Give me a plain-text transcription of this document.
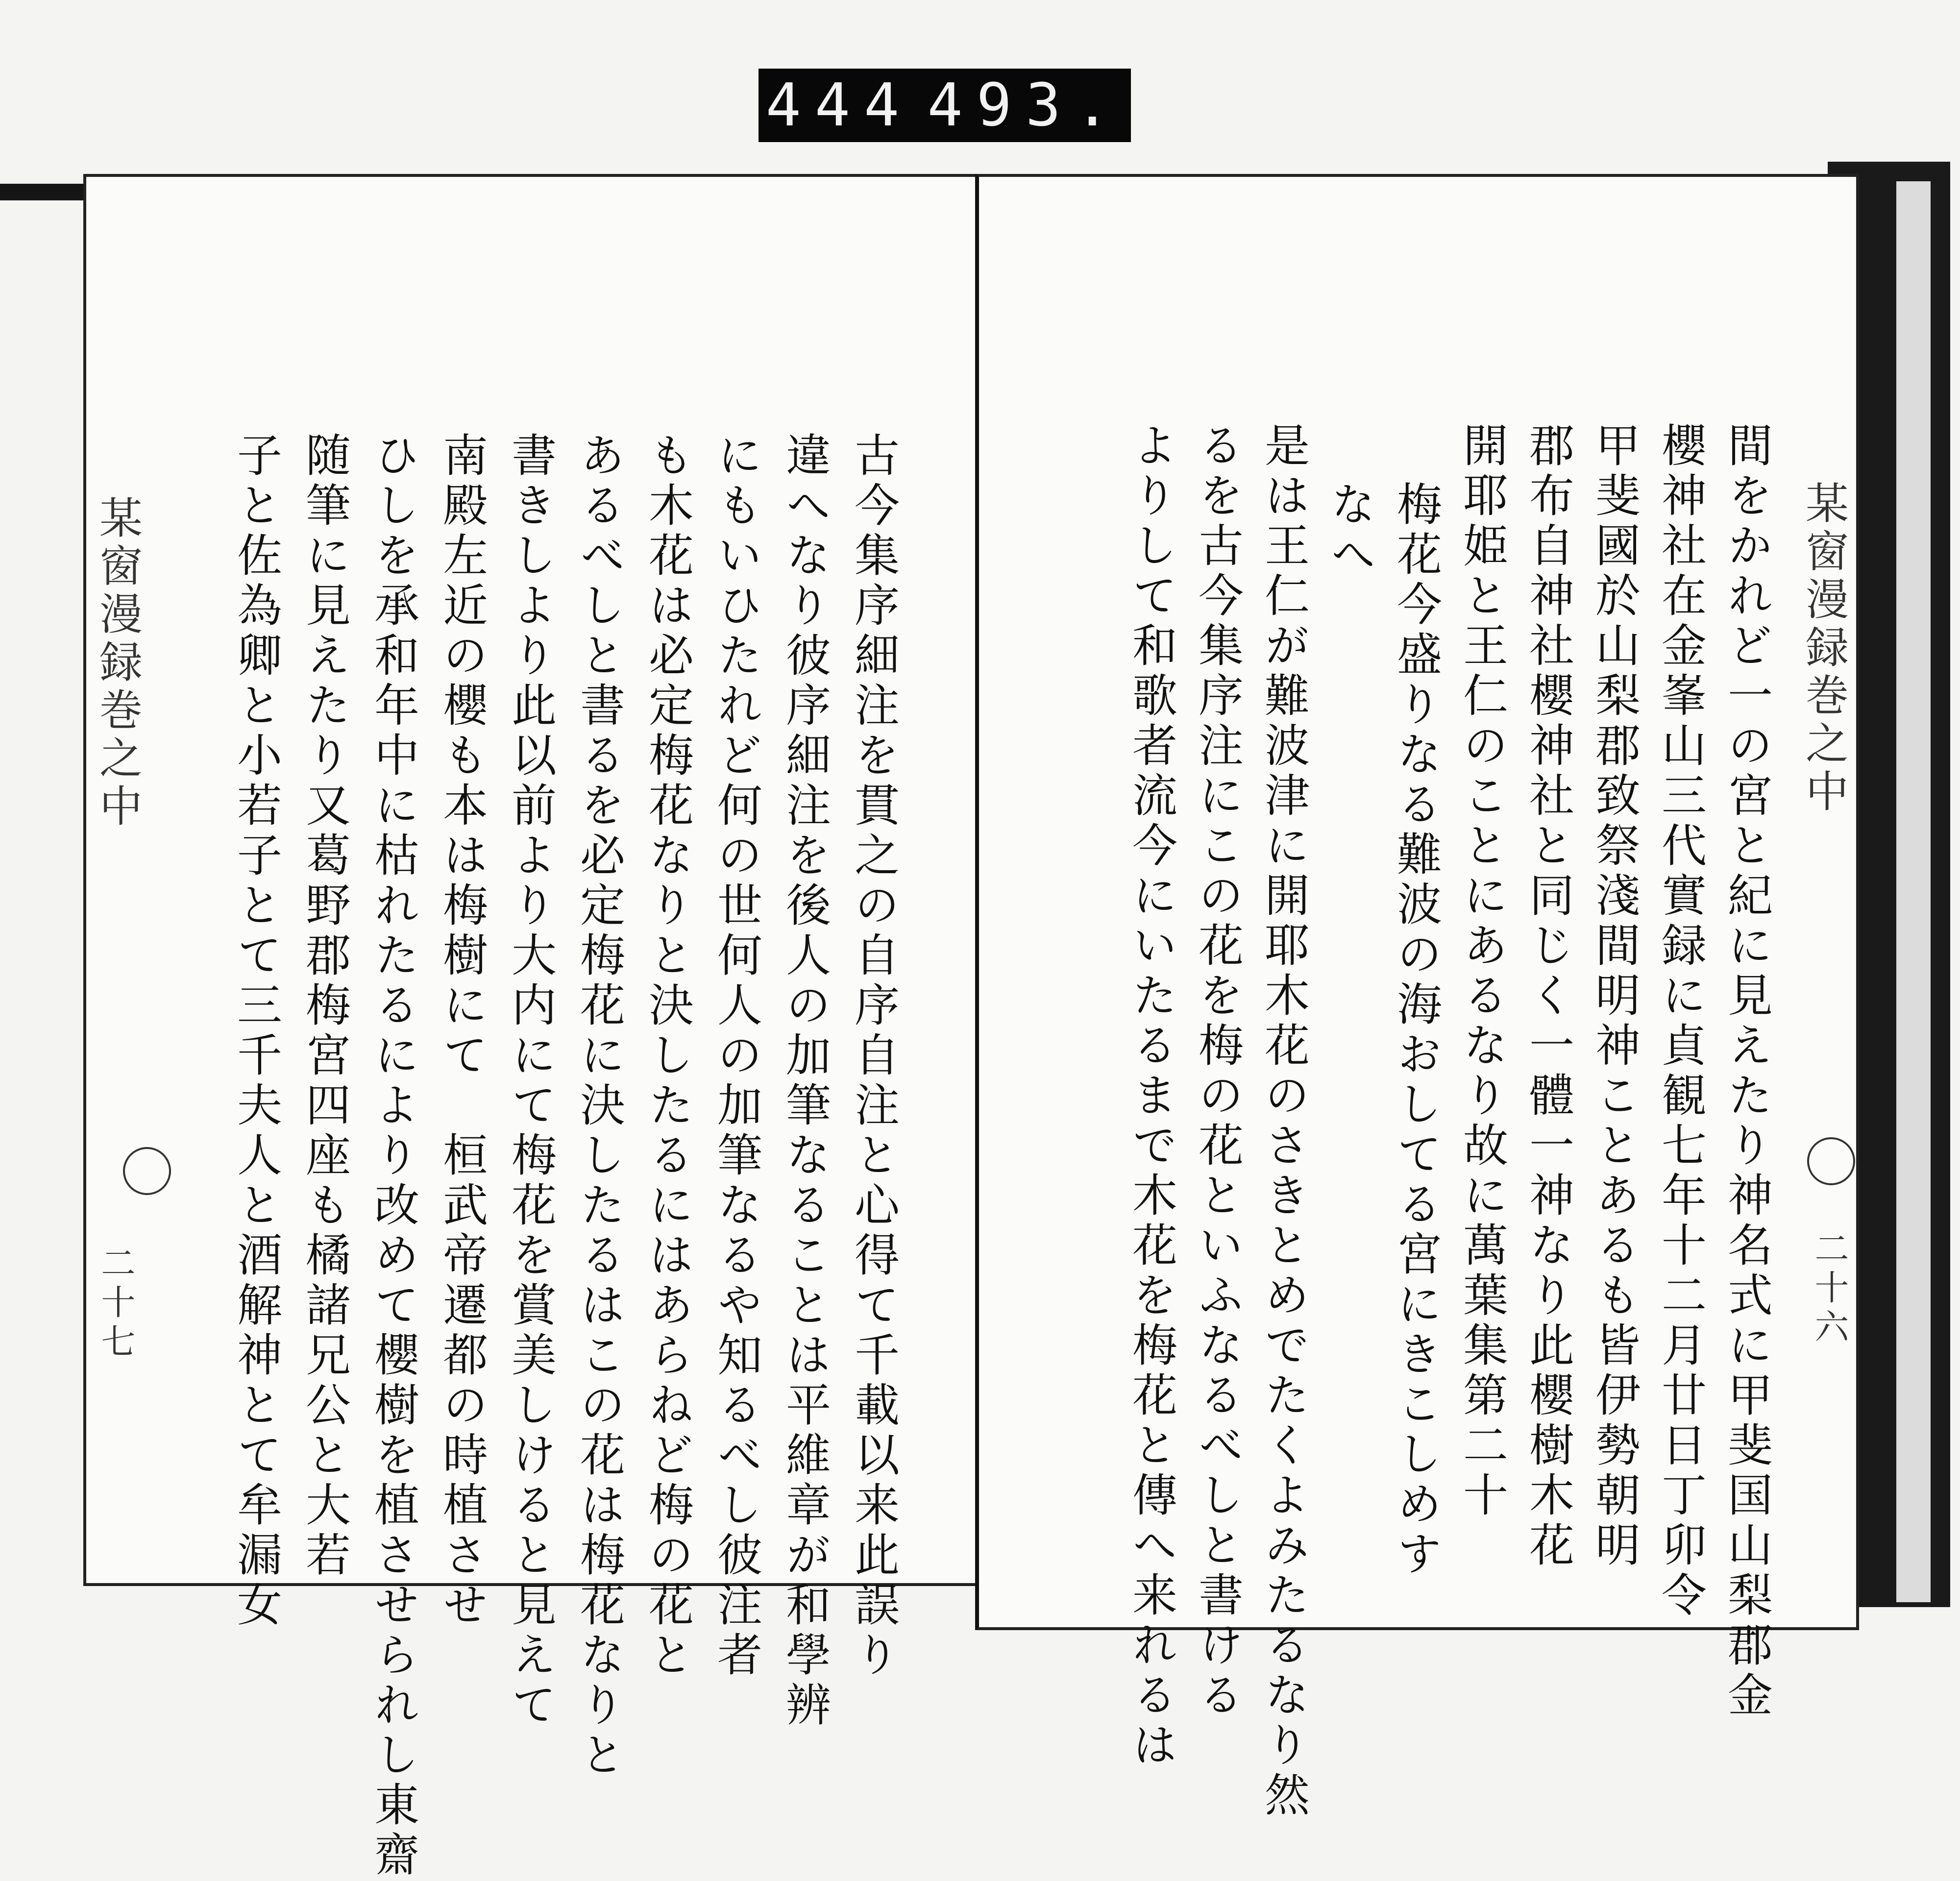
444 493.
某窗漫録巻之中
二十七	古今集序細注を貫之の自序自注と心得て千載以来此誤り
違へなり彼序細注を後人の加筆なることは平維章が和學辨
にもいひたれど何の世何人の加筆なるや知るべし彼注者
も木花は必定梅花なりと決したるにはあらねど梅の花と
あるべしと書るを必定梅花に決したるはこの花は梅花なりと
書きしより此以前より大内にて梅花を賞美しけると見えて
南殿左近の櫻も本は梅樹にて　桓武帝遷都の時植させ
ひしを承和年中に枯れたるにより改めて櫻樹を植させられし東齋
随筆に見えたり又葛野郡梅宮四座も橘諸兄公と大若
子と佐為卿と小若子とて三千夫人と酒解神とて牟漏女	某窗漫録巻之中
二十六
間をかれど一の宮と紀に見えたり神名式に甲斐国山梨郡金
櫻神社在金峯山三代實録に貞観七年十二月廿日丁卯令
甲斐國於山梨郡致祭淺間明神ことあるも皆伊勢朝明
郡布自神社櫻神社と同じく一體一神なり此櫻樹木花
開耶姫と王仁のことにあるなり故に萬葉集第二十
梅花今盛りなる難波の海おしてる宮にきこしめす
なへ
是は王仁が難波津に開耶木花のさきとめでたくよみたるなり然
るを古今集序注にこの花を梅の花といふなるべしと書ける
よりして和歌者流今にいたるまで木花を梅花と傳へ来れるは
